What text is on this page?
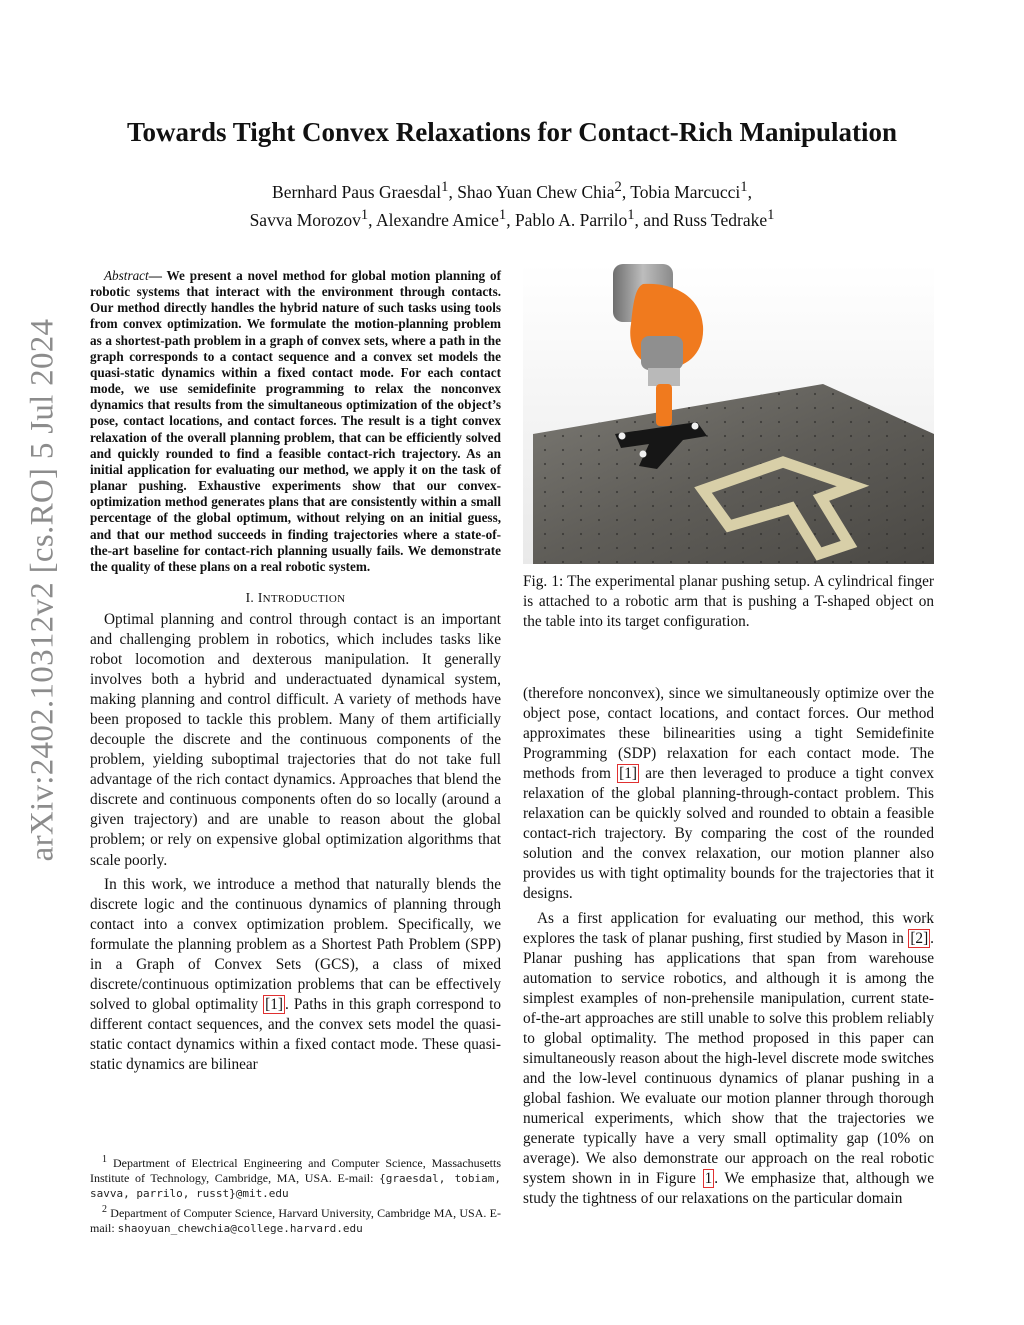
arXiv:2402.10312v2 [cs.RO] 5 Jul 2024
Towards Tight Convex Relaxations for Contact-Rich Manipulation
Bernhard Paus Graesdal$^1$, Shao Yuan Chew Chia$^2$, Tobia Marcucci$^1$,
Savva Morozov$^1$, Alexandre Amice$^1$, Pablo A. Parrilo$^1$, and Russ Tedrake$^1$

Abstract— We present a novel method for global motion planning of robotic systems that interact with the environment through contacts. Our method directly handles the hybrid nature of such tasks using tools from convex optimization. We formulate the motion-planning problem as a shortest-path problem in a graph of convex sets, where a path in the graph corresponds to a contact sequence and a convex set models the quasi-static dynamics within a fixed contact mode. For each contact mode, we use semidefinite programming to relax the nonconvex dynamics that results from the simultaneous optimization of the object’s pose, contact locations, and contact forces. The result is a tight convex relaxation of the overall planning problem, that can be efficiently solved and quickly rounded to find a feasible contact-rich trajectory. As an initial application for evaluating our method, we apply it on the task of planar pushing. Exhaustive experiments show that our convex-optimization method generates plans that are consistently within a small percentage of the global optimum, without relying on an initial guess, and that our method succeeds in finding trajectories where a state-of-the-art baseline for contact-rich planning usually fails. We demonstrate the quality of these plans on a real robotic system.

I. INTRODUCTION

Optimal planning and control through contact is an important and challenging problem in robotics, which includes tasks like robot locomotion and dexterous manipulation. It generally involves both a hybrid and underactuated dynamical system, making planning and control difficult. A variety of methods have been proposed to tackle this problem. Many of them artificially decouple the discrete and the continuous components of the problem, yielding suboptimal trajectories that do not take full advantage of the rich contact dynamics. Approaches that blend the discrete and continuous components often do so locally (around a given trajectory) and are unable to reason about the global problem; or rely on expensive global optimization algorithms that scale poorly.

In this work, we introduce a method that naturally blends the discrete logic and the continuous dynamics of planning through contact into a convex optimization problem. Specifically, we formulate the planning problem as a Shortest Path Problem (SPP) in a Graph of Convex Sets (GCS), a class of mixed discrete/continuous optimization problems that can be effectively solved to global optimality [1] . Paths in this graph correspond to different contact sequences, and the convex sets model the quasi-static contact dynamics within a fixed contact mode. These quasi-static dynamics are bilinear

Fig. 1: The experimental planar pushing setup. A cylindrical finger is attached to a robotic arm that is pushing a T-shaped object on the table into its target configuration.

(therefore nonconvex), since we simultaneously optimize over the object pose, contact locations, and contact forces. Our method approximates these bilinearities using a tight Semidefinite Programming (SDP) relaxation for each contact mode. The methods from [1] are then leveraged to produce a tight convex relaxation of the global planning-through-contact problem. This relaxation can be quickly solved and rounded to obtain a feasible contact-rich trajectory. By comparing the cost of the rounded solution and the convex relaxation, our motion planner also provides us with tight optimality bounds for the trajectories that it designs.

As a first application for evaluating our method, this work explores the task of planar pushing, first studied by Mason in [2] . Planar pushing has applications that span from warehouse automation to service robotics, and although it is among the simplest examples of non-prehensile manipulation, current state-of-the-art approaches are still unable to solve this problem reliably to global optimality. The method proposed in this paper can simultaneously reason about the high-level discrete mode switches and the low-level continuous dynamics of planar pushing in a global fashion. We evaluate our motion planner through thorough numerical experiments, which show that the trajectories we generate typically have a very small optimality gap (10% on average). We also demonstrate our approach on the real robotic system shown in in Figure 1 . We emphasize that, although we study the tightness of our relaxations on the particular domain

$^1$ Department of Electrical Engineering and Computer Science, Massachusetts Institute of Technology, Cambridge, MA, USA. E-mail: {graesdal, tobiam, savva, parrilo, russt}@mit.edu

$^2$ Department of Computer Science, Harvard University, Cambridge MA, USA. E-mail: shaoyuan_chewchia@college.harvard.edu
